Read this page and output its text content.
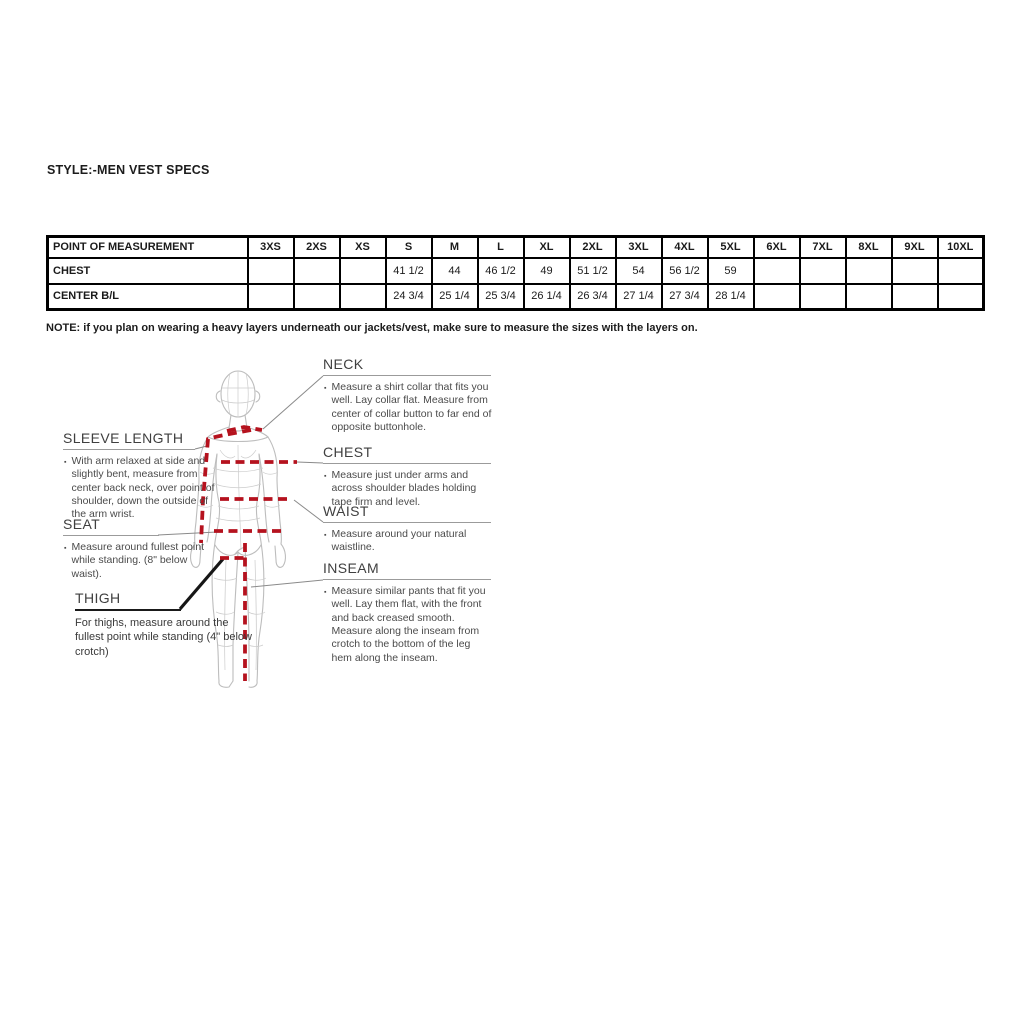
STYLE:-MEN VEST SPECS
POINT OF MEASUREMENT	3XS	2XS	XS	S	M	L	XL	2XL	3XL	4XL	5XL	6XL	7XL	8XL	9XL	10XL
CHEST				41 1/2	44	46 1/2	49	51 1/2	54	56 1/2	59					
CENTER B/L				24 3/4	25 1/4	25 3/4	26 1/4	26 3/4	27 1/4	27 3/4	28 1/4					
NOTE: if you plan on wearing a heavy layers underneath our jackets/vest, make sure to measure the sizes with the layers on.
SLEEVE LENGTH
▪ With arm relaxed at side and slightly bent, measure from center back neck, over point of shoulder, down the outside of the arm wrist.
SEAT
▪ Measure around fullest point while standing. (8" below waist).
THIGH
For thighs, measure around the fullest point while standing (4" below crotch)
NECK
▪ Measure a shirt collar that fits you well. Lay collar flat. Measure from center of collar button to far end of opposite buttonhole.
CHEST
▪ Measure just under arms and across shoulder blades holding tape firm and level.
WAIST
▪ Measure around your natural waistline.
INSEAM
▪ Measure similar pants that fit you well. Lay them flat, with the front and back creased smooth. Measure along the inseam from crotch to the bottom of the leg hem along the inseam.
